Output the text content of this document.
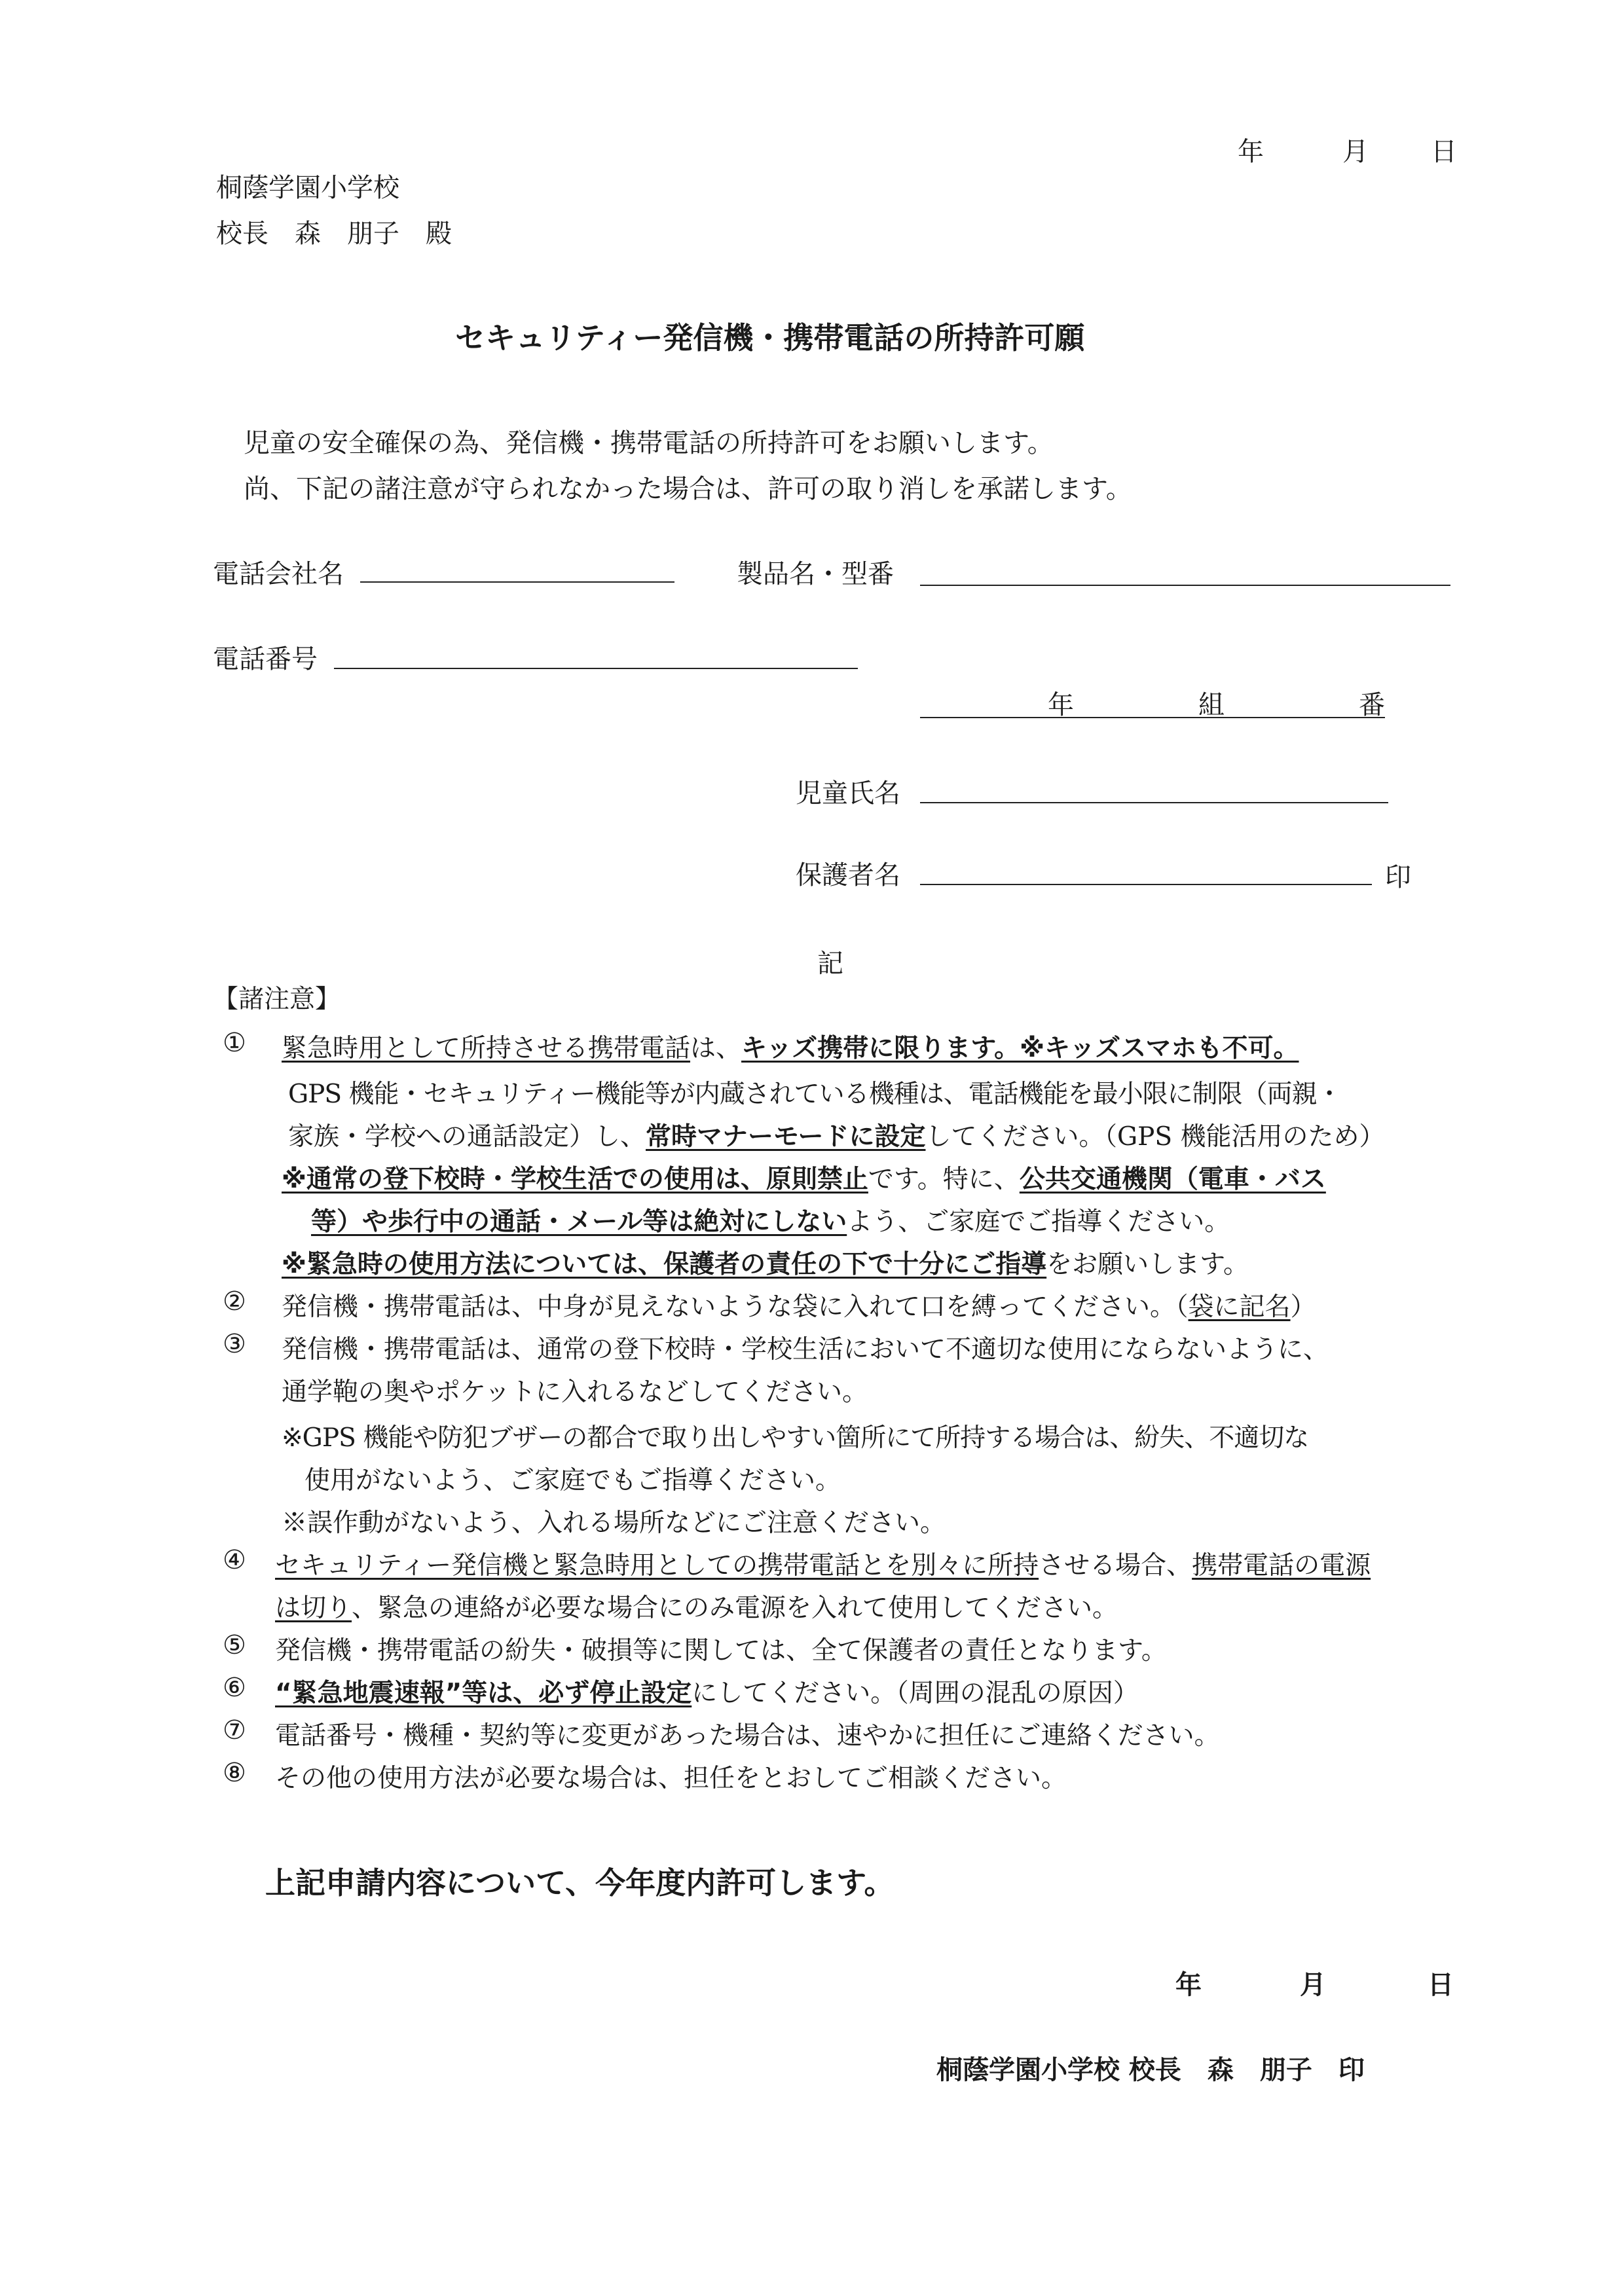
年	月 日
桐蔭学園小学校
校長　森　朋子　殿
セキュリティー発信機・携帯電話の所持許可願
児童の安全確保の為、発信機・携帯電話の所持許可をお願いします。
尚、下記の諸注意が守られなかった場合は、許可の取り消しを承諾します。
電話会社名	製品名・型番
電話番号
年	組	番
児童氏名
保護者名	印
記
【諸注意】
① 緊急時用として所持させる携帯電話は、キッズ携帯に限ります。※キッズスマホも不可。
GPS 機能・セキュリティー機能等が内蔵されている機種は、電話機能を最小限に制限（両親・
家族・学校への通話設定）し、常時マナーモードに設定してください。（GPS 機能活用のため）
※通常の登下校時・学校生活での使用は、原則禁止です。特に、公共交通機関（電車・バス
等）や歩行中の通話・メール等は絶対にしないよう、ご家庭でご指導ください。
※緊急時の使用方法については、保護者の責任の下で十分にご指導をお願いします。
② 発信機・携帯電話は、中身が見えないような袋に入れて口を縛ってください。（袋に記名）
③ 発信機・携帯電話は、通常の登下校時・学校生活において不適切な使用にならないように、
通学鞄の奥やポケットに入れるなどしてください。
※GPS 機能や防犯ブザーの都合で取り出しやすい箇所にて所持する場合は、紛失、不適切な
使用がないよう、ご家庭でもご指導ください。
※誤作動がないよう、入れる場所などにご注意ください。
④ セキュリティー発信機と緊急時用としての携帯電話とを別々に所持させる場合、携帯電話の電源
は切り、緊急の連絡が必要な場合にのみ電源を入れて使用してください。
⑤ 発信機・携帯電話の紛失・破損等に関しては、全て保護者の責任となります。
⑥ “緊急地震速報”等は、必ず停止設定にしてください。（周囲の混乱の原因）
⑦ 電話番号・機種・契約等に変更があった場合は、速やかに担任にご連絡ください。
⑧ その他の使用方法が必要な場合は、担任をとおしてご相談ください。
上記申請内容について、今年度内許可します。
年	月	日
桐蔭学園小学校 校長　森　朋子　印
